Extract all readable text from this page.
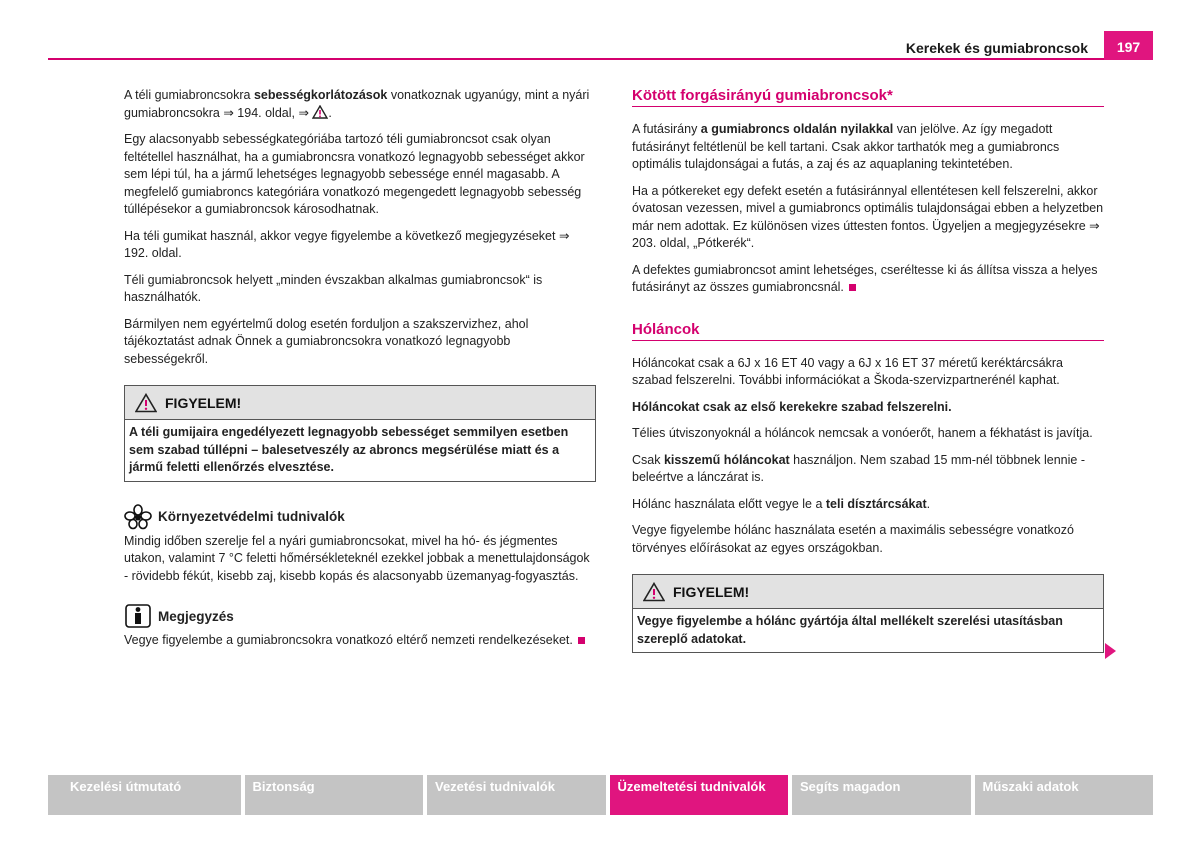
Kerekek és gumiabroncsok	197

A téli gumiabroncsokra sebességkorlátozások vonatkoznak ugyanúgy, mint a nyári gumiabroncsokra ⇒ 194. oldal, ⇒ .

Egy alacsonyabb sebességkategóriába tartozó téli gumiabroncsot csak olyan feltétellel használhat, ha a gumiabroncsra vonatkozó legnagyobb sebességet akkor sem lépi túl, ha a jármű lehetséges legnagyobb sebessége ennél magasabb. A megfelelő gumiabroncs kategóriára vonatkozó megengedett legnagyobb sebesség túllépésekor a gumiabroncsok károsodhatnak.

Ha téli gumikat használ, akkor vegye figyelembe a következő megjegyzéseket ⇒ 192. oldal.

Téli gumiabroncsok helyett „minden évszakban alkalmas gumiabroncsok“ is használhatók.

Bármilyen nem egyértelmű dolog esetén forduljon a szakszervizhez, ahol tájékoztatást adnak Önnek a gumiabroncsokra vonatkozó legnagyobb sebességekről.

FIGYELEM!
A téli gumijaira engedélyezett legnagyobb sebességet semmilyen esetben sem szabad túllépni – balesetveszély az abroncs megsérülése miatt és a jármű feletti ellenőrzés elvesztése.
Környezetvédelmi tudnivalók

Mindig időben szerelje fel a nyári gumiabroncsokat, mivel ha hó- és jégmentes utakon, valamint 7 °C feletti hőmérsékleteknél ezekkel jobbak a menettulajdonságok - rövidebb fékút, kisebb zaj, kisebb kopás és alacsonyabb üzemanyag-fogyasztás.

Megjegyzés

Vegye figyelembe a gumiabroncsokra vonatkozó eltérő nemzeti rendelkezéseket.

Kötött forgásirányú gumiabroncsok*

A futásirány a gumiabroncs oldalán nyilakkal van jelölve. Az így megadott futásirányt feltétlenül be kell tartani. Csak akkor tarthatók meg a gumiabroncs optimális tulajdonságai a futás, a zaj és az aquaplaning tekintetében.

Ha a pótkereket egy defekt esetén a futásiránnyal ellentétesen kell felszerelni, akkor óvatosan vezessen, mivel a gumiabroncs optimális tulajdonságai ebben a helyzetben már nem adottak. Ez különösen vizes úttesten fontos. Ügyeljen a megjegyzésekre ⇒ 203. oldal, „Pótkerék“.

A defektes gumiabroncsot amint lehetséges, cseréltesse ki ás állítsa vissza a helyes futásirányt az összes gumiabroncsnál.

Hóláncok

Hóláncokat csak a 6J x 16 ET 40 vagy a 6J x 16 ET 37 méretű keréktárcsákra szabad felszerelni. További információkat a Škoda-szervizpartnerénél kaphat.

Hóláncokat csak az első kerekekre szabad felszerelni.

Télies útviszonyoknál a hóláncok nemcsak a vonóerőt, hanem a fékhatást is javítja.

Csak kisszemű hóláncokat használjon. Nem szabad 15 mm-nél többnek lennie - beleértve a lánczárat is.

Hólánc használata előtt vegye le a teli dísztárcsákat.

Vegye figyelembe hólánc használata esetén a maximális sebességre vonatkozó törvényes előírásokat az egyes országokban.

FIGYELEM!
Vegye figyelembe a hólánc gyártója által mellékelt szerelési utasításban szereplő adatokat.
Kezelési útmutató	Biztonság	Vezetési tudnivalók	Üzemeltetési tudnivalók	Segíts magadon	Műszaki adatok
